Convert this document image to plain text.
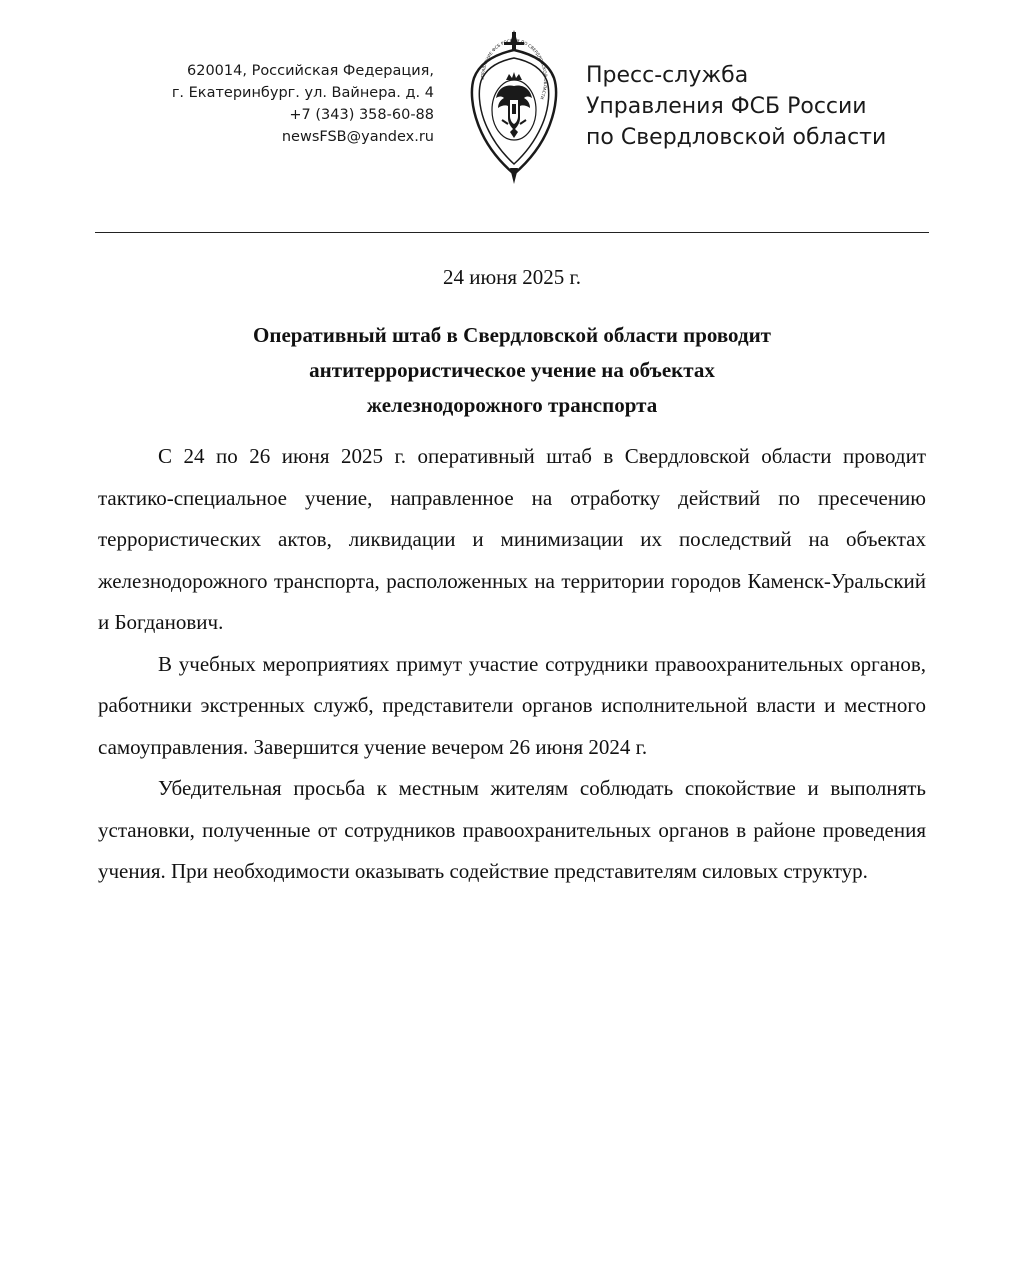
620014, Российская Федерация,
г. Екатеринбург. ул. Вайнера. д. 4
+7 (343) 358-60-88
newsFSB@yandex.ru
УПРАВЛЕНИЕ ФСБ РОССИИ ПО СВЕРДЛОВСКОЙ ОБЛАСТИ
Пресс-служба
Управления ФСБ России
по Свердловской области
24 июня 2025 г.
Оперативный штаб в Свердловской области проводит
антитеррористическое учение на объектах
железнодорожного транспорта

С 24 по 26 июня 2025 г. оперативный штаб в Свердловской области проводит тактико-специальное учение, направленное на отработку действий по пресечению террористических актов, ликвидации и минимизации их последствий на объектах железнодорожного транспорта, расположенных на территории городов Каменск-Уральский и Богданович.

В учебных мероприятиях примут участие сотрудники правоохранительных органов, работники экстренных служб, представители органов исполнительной власти и местного самоуправления. Завершится учение вечером 26 июня 2024 г.

Убедительная просьба к местным жителям соблюдать спокойствие и выполнять установки, полученные от сотрудников правоохранительных органов в районе проведения учения. При необходимости оказывать содействие представителям силовых структур.
